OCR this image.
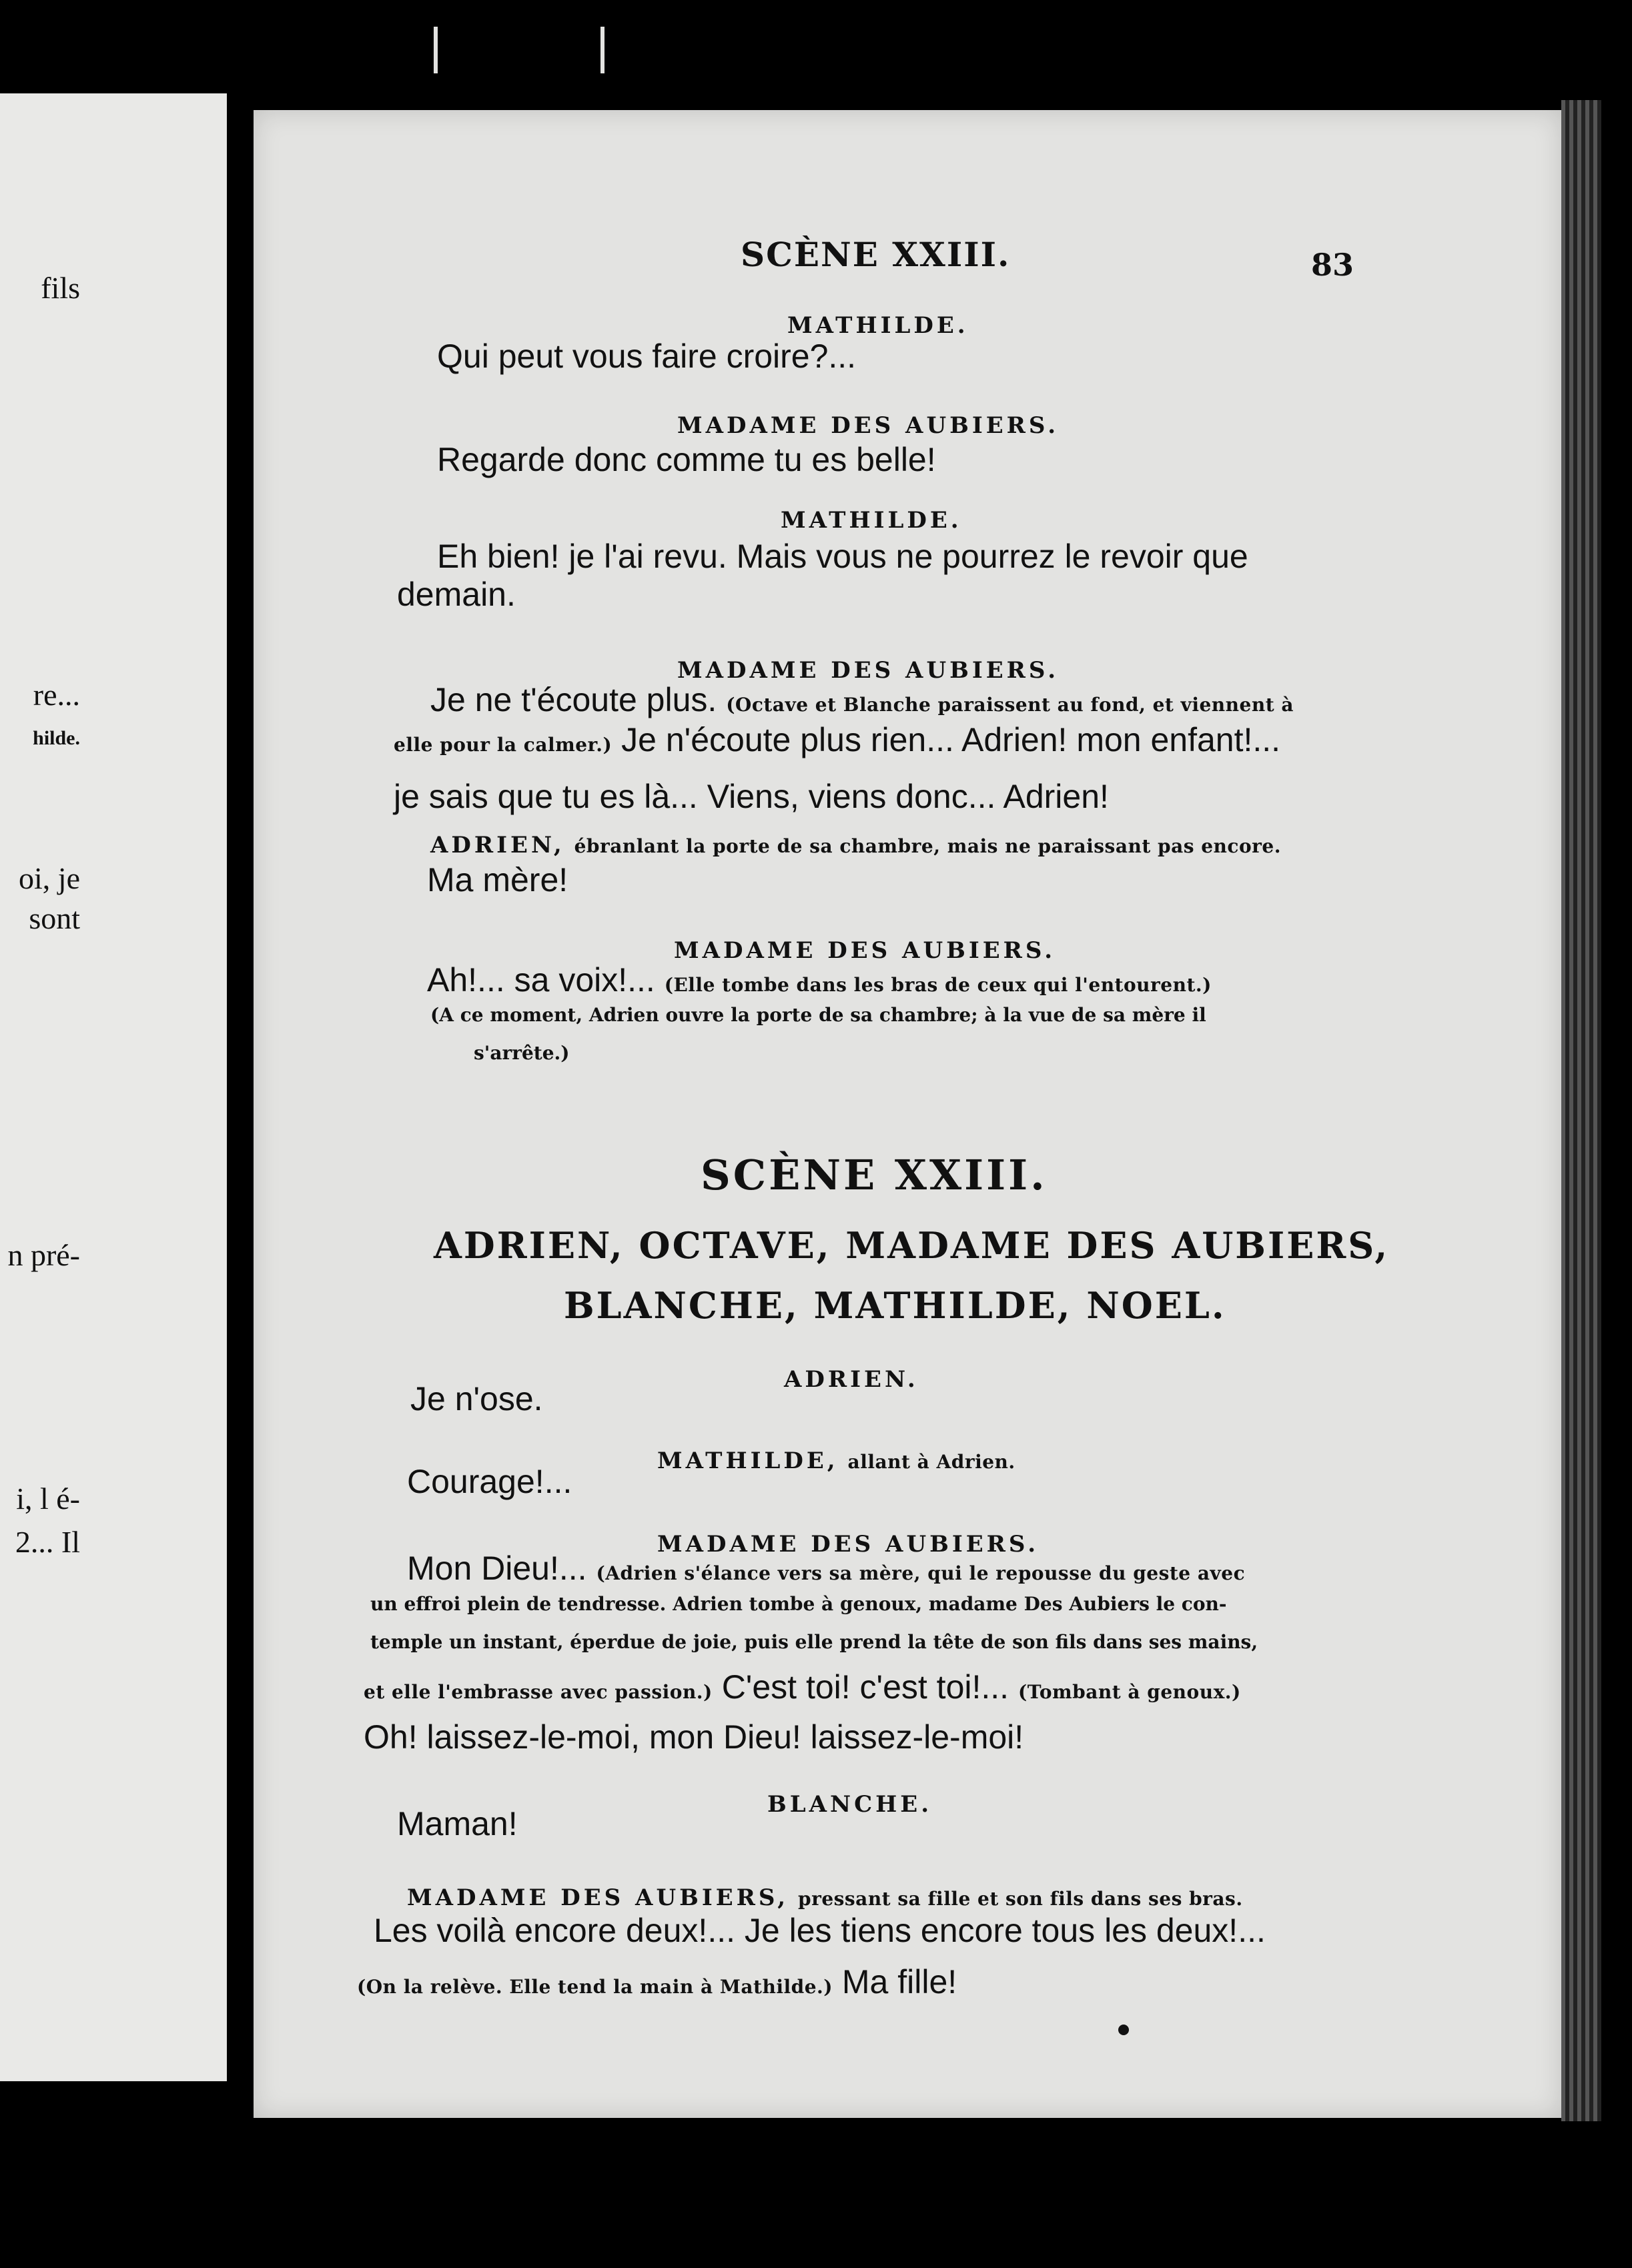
fils
re...
hilde.
oi, je
sont
n pré-
i, l é-
2... Il
SCÈNE XXIII.	83
MATHILDE.
Qui peut vous faire croire?...
MADAME DES AUBIERS.
Regarde donc comme tu es belle!
MATHILDE.
Eh bien! je l'ai revu. Mais vous ne pourrez le revoir que
demain.
MADAME DES AUBIERS.
Je ne t'écoute plus. (Octave et Blanche paraissent au fond, et viennent à
elle pour la calmer.) Je n'écoute plus rien... Adrien! mon enfant!...
je sais que tu es là... Viens, viens donc... Adrien!
ADRIEN, ébranlant la porte de sa chambre, mais ne paraissant pas encore.
Ma mère!
MADAME DES AUBIERS.
Ah!... sa voix!... (Elle tombe dans les bras de ceux qui l'entourent.)
(A ce moment, Adrien ouvre la porte de sa chambre; à la vue de sa mère il
s'arrête.)
SCÈNE XXIII.
ADRIEN, OCTAVE, MADAME DES AUBIERS,
BLANCHE, MATHILDE, NOEL.
ADRIEN.
Je n'ose.
MATHILDE, allant à Adrien.
Courage!...
MADAME DES AUBIERS.
Mon Dieu!... (Adrien s'élance vers sa mère, qui le repousse du geste avec
un effroi plein de tendresse. Adrien tombe à genoux, madame Des Aubiers le con-
temple un instant, éperdue de joie, puis elle prend la tête de son fils dans ses mains,
et elle l'embrasse avec passion.) C'est toi! c'est toi!... (Tombant à genoux.)
Oh! laissez-le-moi, mon Dieu! laissez-le-moi!
BLANCHE.
Maman!
MADAME DES AUBIERS, pressant sa fille et son fils dans ses bras.
Les voilà encore deux!... Je les tiens encore tous les deux!...
(On la relève. Elle tend la main à Mathilde.) Ma fille!
